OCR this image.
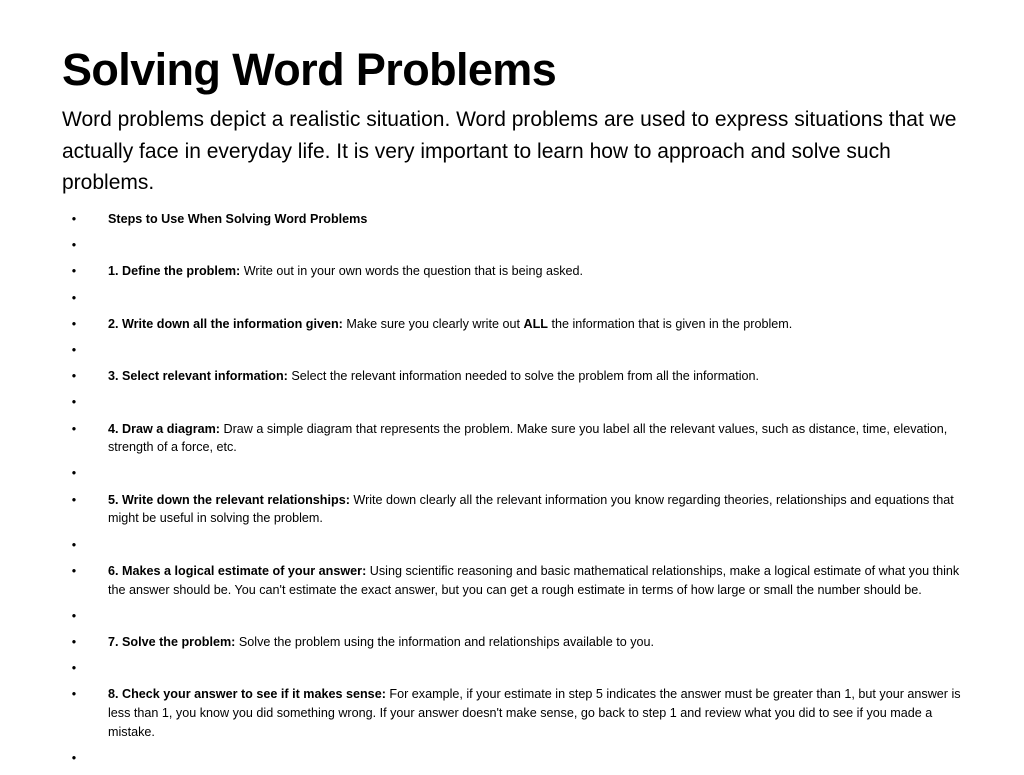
Solving Word Problems

Word problems depict a realistic situation. Word problems are used to express situations that we actually face in everyday life. It is very important to learn how to approach and solve such problems.

•	Steps to Use When Solving Word Problems
•
•	1. Define the problem: Write out in your own words the question that is being asked.
•
•	2. Write down all the information given: Make sure you clearly write out ALL the information that is given in the problem.
•
•	3. Select relevant information: Select the relevant information needed to solve the problem from all the information.
•
•	4. Draw a diagram: Draw a simple diagram that represents the problem. Make sure you label all the relevant values, such as distance, time, elevation, strength of a force, etc.
•
•	5. Write down the relevant relationships: Write down clearly all the relevant information you know regarding theories, relationships and equations that might be useful in solving the problem.
•
•	6. Makes a logical estimate of your answer: Using scientific reasoning and basic mathematical relationships, make a logical estimate of what you think the answer should be. You can't estimate the exact answer, but you can get a rough estimate in terms of how large or small the number should be.
•
•	7. Solve the problem: Solve the problem using the information and relationships available to you.
•
•	8. Check your answer to see if it makes sense: For example, if your estimate in step 5 indicates the answer must be greater than 1, but your answer is less than 1, you know you did something wrong. If your answer doesn't make sense, go back to step 1 and review what you did to see if you made a mistake.
•
